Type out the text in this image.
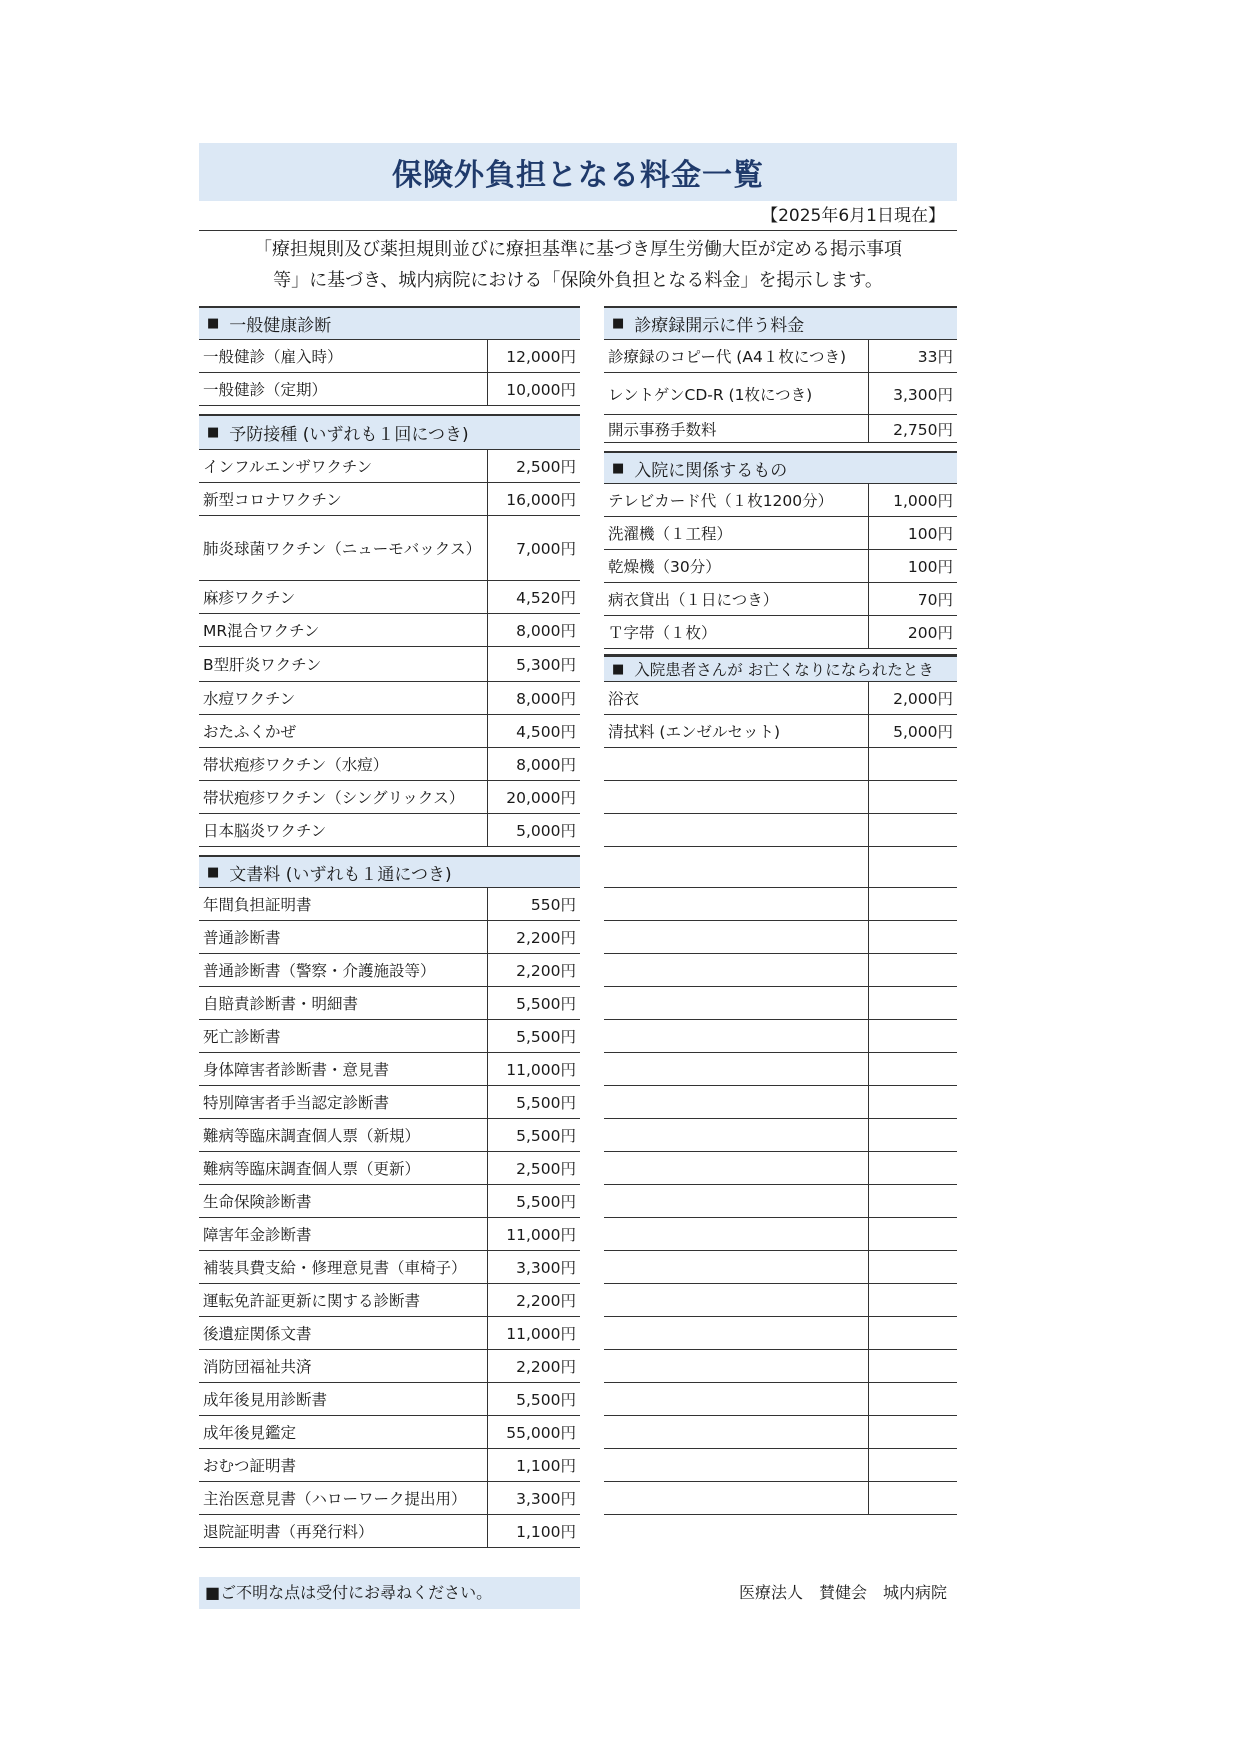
保険外負担となる料金一覧
【2025年6月1日現在】
「療担規則及び薬担規則並びに療担基準に基づき厚生労働大臣が定める掲示事項
等」に基づき、城内病院における「保険外負担となる料金」を掲示します。
■ 一般健康診断
一般健診（雇入時）	12,000円
一般健診（定期）	10,000円
■ 予防接種 (いずれも１回につき)
インフルエンザワクチン	2,500円
新型コロナワクチン	16,000円
肺炎球菌ワクチン（ニューモバックス）	7,000円
麻疹ワクチン	4,520円
MR混合ワクチン	8,000円
B型肝炎ワクチン	5,300円
水痘ワクチン	8,000円
おたふくかぜ	4,500円
帯状疱疹ワクチン（水痘）	8,000円
帯状疱疹ワクチン（シングリックス）	20,000円
日本脳炎ワクチン	5,000円
■ 文書料 (いずれも１通につき)
年間負担証明書	550円
普通診断書	2,200円
普通診断書（警察・介護施設等）	2,200円
自賠責診断書・明細書	5,500円
死亡診断書	5,500円
身体障害者診断書・意見書	11,000円
特別障害者手当認定診断書	5,500円
難病等臨床調査個人票（新規）	5,500円
難病等臨床調査個人票（更新）	2,500円
生命保険診断書	5,500円
障害年金診断書	11,000円
補装具費支給・修理意見書（車椅子）	3,300円
運転免許証更新に関する診断書	2,200円
後遺症関係文書	11,000円
消防団福祉共済	2,200円
成年後見用診断書	5,500円
成年後見鑑定	55,000円
おむつ証明書	1,100円
主治医意見書（ハローワーク提出用）	3,300円
退院証明書（再発行料）	1,100円
■ 診療録開示に伴う料金
診療録のコピー代 (A4１枚につき)	33円
レントゲンCD-R (1枚につき)	3,300円
開示事務手数料	2,750円
■ 入院に関係するもの
テレビカード代（１枚1200分）	1,000円
洗濯機（１工程）	100円
乾燥機（30分）	100円
病衣貸出（１日につき）	70円
Ｔ字帯（１枚）	200円
■ 入院患者さんが お亡くなりになられたとき
浴衣	2,000円
清拭料 (エンゼルセット)	5,000円
■ご不明な点は受付にお尋ねください。	医療法人　賛健会　城内病院
